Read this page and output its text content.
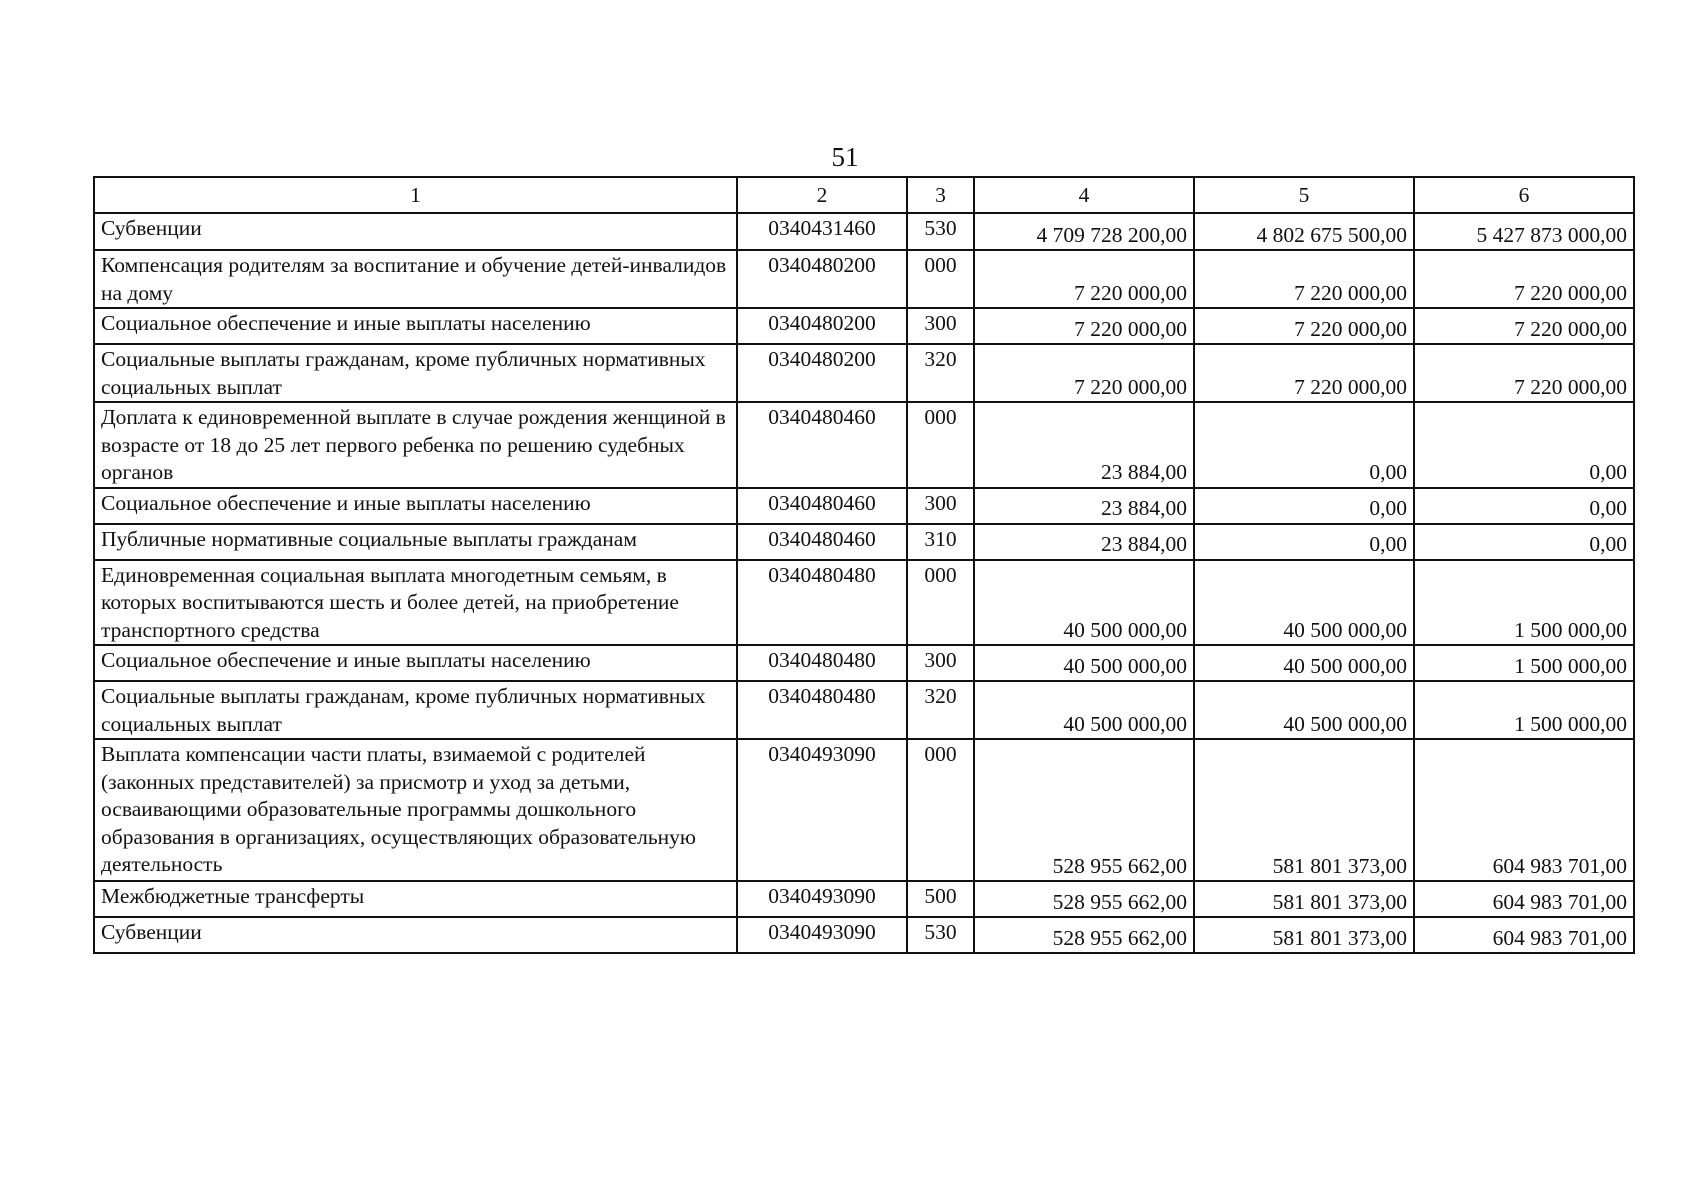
51
1	2	3	4	5	6
Субвенции	0340431460	530	4 709 728 200,00	4 802 675 500,00	5 427 873 000,00
Компенсация родителям за воспитание и обучение детей-инвалидов на дому	0340480200	000	7 220 000,00	7 220 000,00	7 220 000,00
Социальное обеспечение и иные выплаты населению	0340480200	300	7 220 000,00	7 220 000,00	7 220 000,00
Социальные выплаты гражданам, кроме публичных нормативных социальных выплат	0340480200	320	7 220 000,00	7 220 000,00	7 220 000,00
Доплата к единовременной выплате в случае рождения женщиной в возрасте от 18 до 25 лет первого ребенка по решению судебных органов	0340480460	000	23 884,00	0,00	0,00
Социальное обеспечение и иные выплаты населению	0340480460	300	23 884,00	0,00	0,00
Публичные нормативные социальные выплаты гражданам	0340480460	310	23 884,00	0,00	0,00
Единовременная социальная выплата многодетным семьям, в которых воспитываются шесть и более детей, на приобретение транспортного средства	0340480480	000	40 500 000,00	40 500 000,00	1 500 000,00
Социальное обеспечение и иные выплаты населению	0340480480	300	40 500 000,00	40 500 000,00	1 500 000,00
Социальные выплаты гражданам, кроме публичных нормативных социальных выплат	0340480480	320	40 500 000,00	40 500 000,00	1 500 000,00
Выплата компенсации части платы, взимаемой с родителей (законных представителей) за присмотр и уход за детьми, осваивающими образовательные программы дошкольного образования в организациях, осуществляющих образовательную деятельность	0340493090	000	528 955 662,00	581 801 373,00	604 983 701,00
Межбюджетные трансферты	0340493090	500	528 955 662,00	581 801 373,00	604 983 701,00
Субвенции	0340493090	530	528 955 662,00	581 801 373,00	604 983 701,00
